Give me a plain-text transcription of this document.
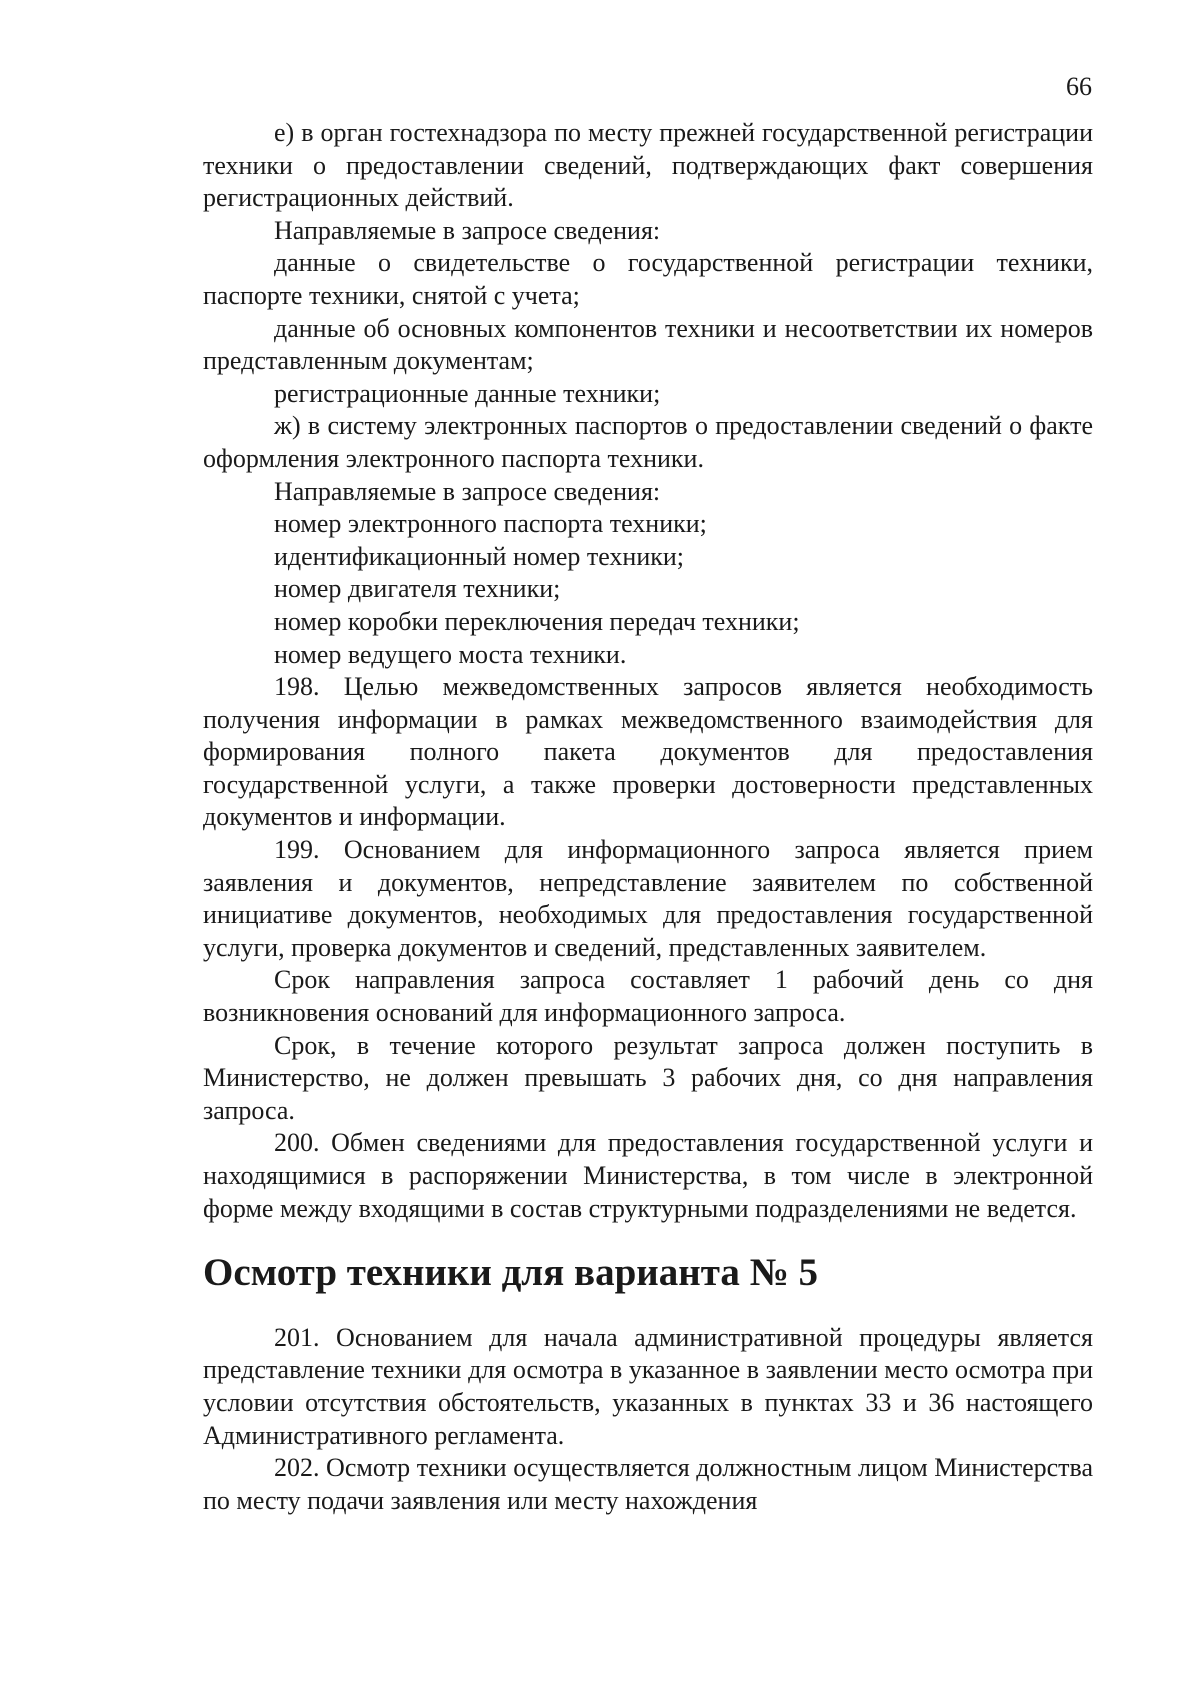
66

е) в орган гостехнадзора по месту прежней государственной регистрации техники о предоставлении сведений, подтверждающих факт совершения регистрационных действий.

Направляемые в запросе сведения:

данные о свидетельстве о государственной регистрации техники, паспорте техники, снятой с учета;

данные об основных компонентов техники и несоответствии их номеров представленным документам;

регистрационные данные техники;

ж) в систему электронных паспортов о предоставлении сведений о факте оформления электронного паспорта техники.

Направляемые в запросе сведения:

номер электронного паспорта техники;

идентификационный номер техники;

номер двигателя техники;

номер коробки переключения передач техники;

номер ведущего моста техники.

198. Целью межведомственных запросов является необходимость получения информации в рамках межведомственного взаимодействия для формирования полного пакета документов для предоставления государственной услуги, а также проверки достоверности представленных документов и информации.

199. Основанием для информационного запроса является прием заявления и документов, непредставление заявителем по собственной инициативе документов, необходимых для предоставления государственной услуги, проверка документов и сведений, представленных заявителем.

Срок направления запроса составляет 1 рабочий день со дня возникновения оснований для информационного запроса.

Срок, в течение которого результат запроса должен поступить в Министерство, не должен превышать 3 рабочих дня, со дня направления запроса.

200. Обмен сведениями для предоставления государственной услуги и находящимися в распоряжении Министерства, в том числе в электронной форме между входящими в состав структурными подразделениями не ведется.

Осмотр техники для варианта № 5

201. Основанием для начала административной процедуры является представление техники для осмотра в указанное в заявлении место осмотра при условии отсутствия обстоятельств, указанных в пунктах 33 и 36 настоящего Административного регламента.

202. Осмотр техники осуществляется должностным лицом Министерства по месту подачи заявления или месту нахождения
